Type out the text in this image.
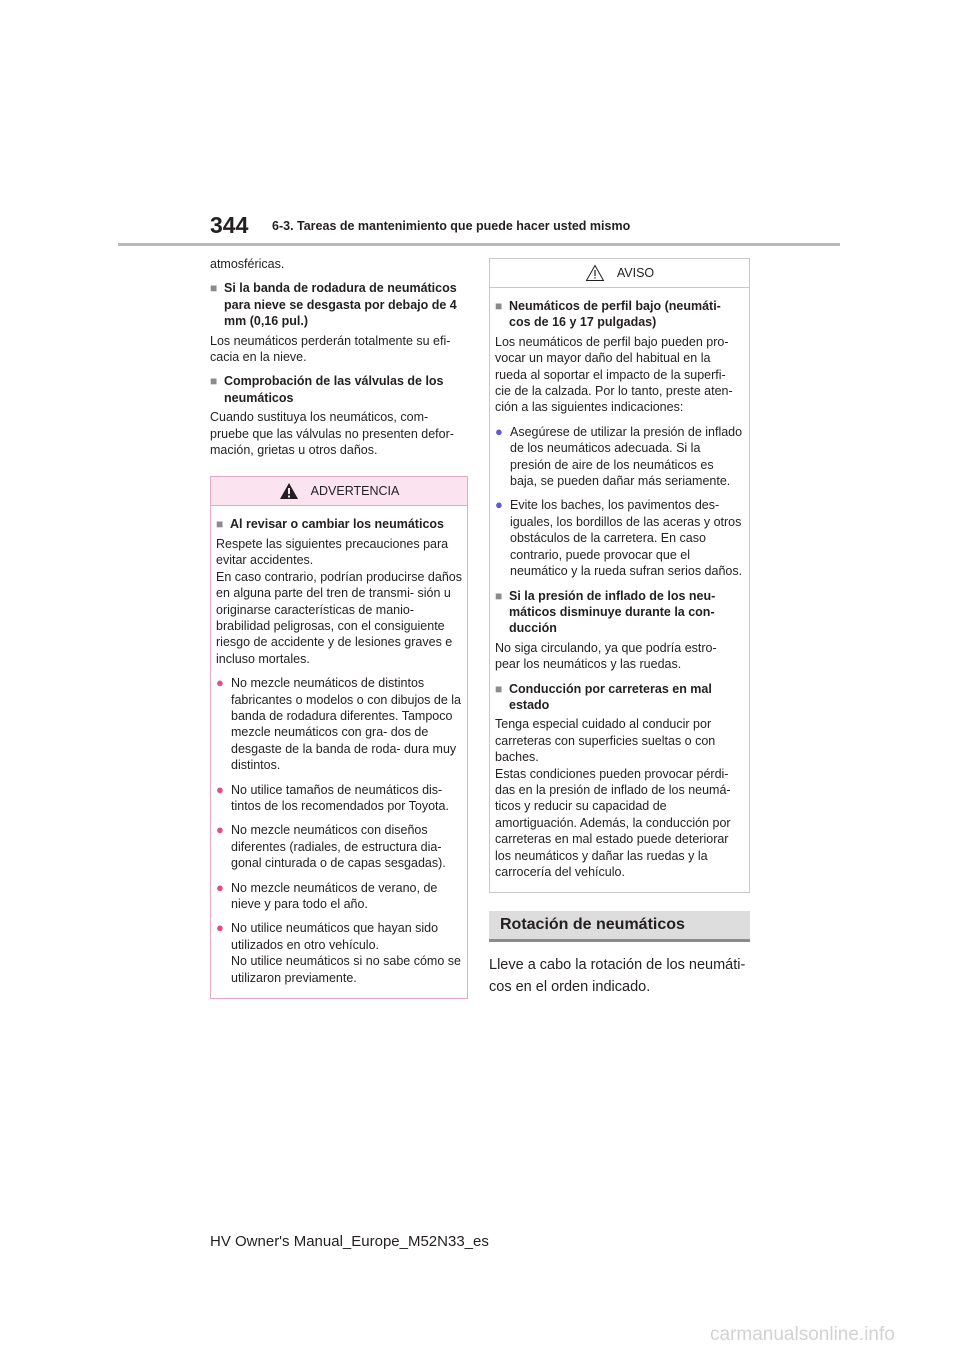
344 6-3. Tareas de mantenimiento que puede hacer usted mismo

atmosféricas.

■ Si la banda de rodadura de neumáticos para nieve se desgasta por debajo de 4 mm (0,16 pul.)

Los neumáticos perderán totalmente su efi- cacia en la nieve.

■ Comprobación de las válvulas de los neumáticos

Cuando sustituya los neumáticos, com- pruebe que las válvulas no presenten defor- mación, grietas u otros daños.

ADVERTENCIA
■ Al revisar o cambiar los neumáticos

Respete las siguientes precauciones para evitar accidentes.
En caso contrario, podrían producirse daños en alguna parte del tren de transmi- sión u originarse características de manio- brabilidad peligrosas, con el consiguiente riesgo de accidente y de lesiones graves e incluso mortales.

● No mezcle neumáticos de distintos fabricantes o modelos o con dibujos de la banda de rodadura diferentes. Tampoco mezcle neumáticos con gra- dos de desgaste de la banda de roda- dura muy distintos.
● No utilice tamaños de neumáticos dis- tintos de los recomendados por Toyota.
● No mezcle neumáticos con diseños diferentes (radiales, de estructura dia- gonal cinturada o de capas sesgadas).
● No mezcle neumáticos de verano, de nieve y para todo el año.
● No utilice neumáticos que hayan sido utilizados en otro vehículo.
No utilice neumáticos si no sabe cómo se utilizaron previamente.
AVISO
■ Neumáticos de perfil bajo (neumáti- cos de 16 y 17 pulgadas)

Los neumáticos de perfil bajo pueden pro- vocar un mayor daño del habitual en la rueda al soportar el impacto de la superfi- cie de la calzada. Por lo tanto, preste aten- ción a las siguientes indicaciones:

● Asegúrese de utilizar la presión de inflado de los neumáticos adecuada. Si la presión de aire de los neumáticos es baja, se pueden dañar más seriamente.
● Evite los baches, los pavimentos des- iguales, los bordillos de las aceras y otros obstáculos de la carretera. En caso contrario, puede provocar que el neumático y la rueda sufran serios daños.
■ Si la presión de inflado de los neu- máticos disminuye durante la con- ducción

No siga circulando, ya que podría estro- pear los neumáticos y las ruedas.

■ Conducción por carreteras en mal estado

Tenga especial cuidado al conducir por carreteras con superficies sueltas o con baches.
Estas condiciones pueden provocar pérdi- das en la presión de inflado de los neumá- ticos y reducir su capacidad de amortiguación. Además, la conducción por carreteras en mal estado puede deteriorar los neumáticos y dañar las ruedas y la carrocería del vehículo.

Rotación de neumáticos

Lleve a cabo la rotación de los neumáti- cos en el orden indicado.

HV Owner's Manual_Europe_M52N33_es
carmanualsonline.info
